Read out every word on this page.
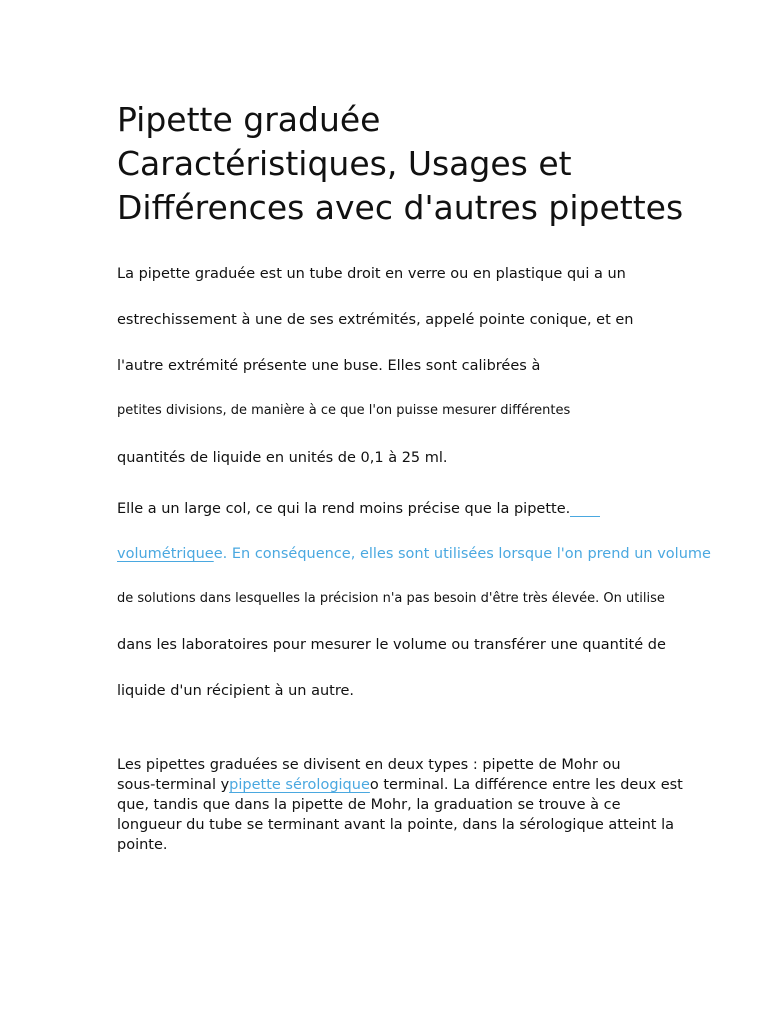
Pipette graduée
Caractéristiques, Usages et
Différences avec d'autres pipettes
La pipette graduée est un tube droit en verre ou en plastique qui a un
estrechissement à une de ses extrémités, appelé pointe conique, et en
l'autre extrémité présente une buse. Elles sont calibrées à
petites divisions, de manière à ce que l'on puisse mesurer différentes
quantités de liquide en unités de 0,1 à 25 ml.
Elle a un large col, ce qui la rend moins précise que la pipette.
volumétriquee. En conséquence, elles sont utilisées lorsque l'on prend un volume
de solutions dans lesquelles la précision n'a pas besoin d'être très élevée. On utilise
dans les laboratoires pour mesurer le volume ou transférer une quantité de
liquide d'un récipient à un autre.

Les pipettes graduées se divisent en deux types : pipette de Mohr ou
sous-terminal ypipette sérologiqueo terminal. La différence entre les deux est
que, tandis que dans la pipette de Mohr, la graduation se trouve à ce
longueur du tube se terminant avant la pointe, dans la sérologique atteint la
pointe.
